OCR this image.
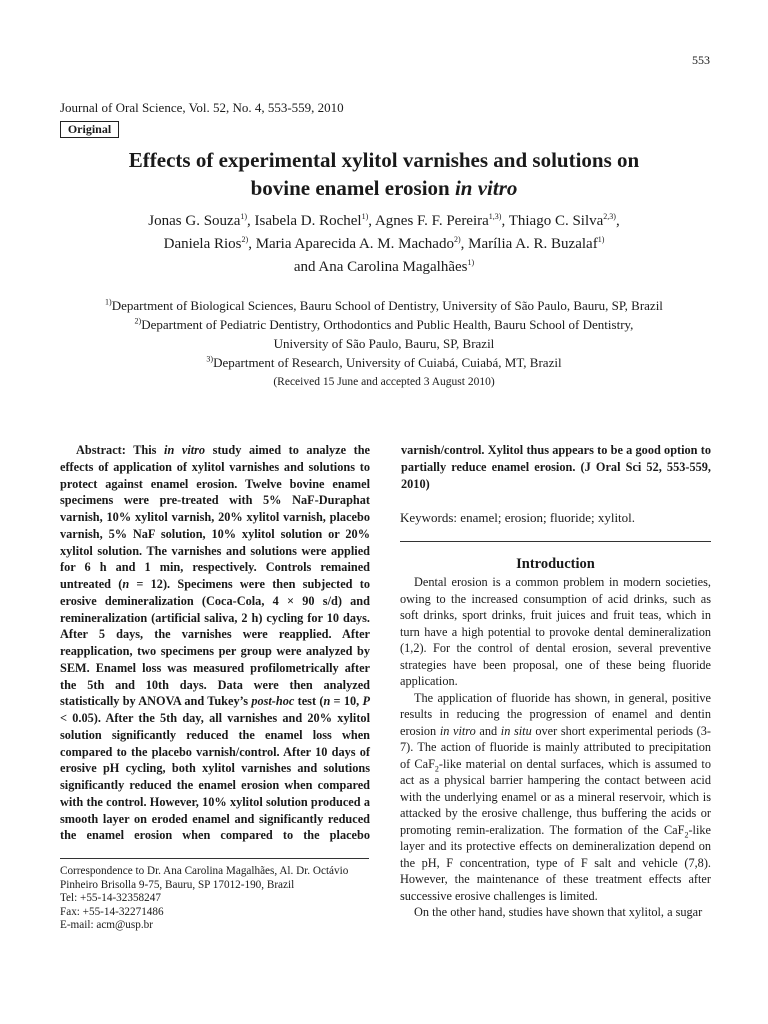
553
Journal of Oral Science, Vol. 52, No. 4, 553-559, 2010
Original
Effects of experimental xylitol varnishes and solutions on
bovine enamel erosion in vitro
Jonas G. Souza$^{1)}$, Isabela D. Rochel$^{1)}$, Agnes F. F. Pereira$^{1,3)}$, Thiago C. Silva$^{2,3)}$,
Daniela Rios$^{2)}$, Maria Aparecida A. M. Machado$^{2)}$, Marília A. R. Buzalaf$^{1)}$
and Ana Carolina Magalhães$^{1)}$
$^{1)}$Department of Biological Sciences, Bauru School of Dentistry, University of São Paulo, Bauru, SP, Brazil
$^{2)}$Department of Pediatric Dentistry, Orthodontics and Public Health, Bauru School of Dentistry,
University of São Paulo, Bauru, SP, Brazil
$^{3)}$Department of Research, University of Cuiabá, Cuiabá, MT, Brazil
(Received 15 June and accepted 3 August 2010)

Abstract: This in vitro study aimed to analyze the effects of application of xylitol varnishes and solutions to protect against enamel erosion. Twelve bovine enamel specimens were pre-treated with 5% NaF-Duraphat varnish, 10% xylitol varnish, 20% xylitol varnish, placebo varnish, 5% NaF solution, 10% xylitol solution or 20% xylitol solution. The varnishes and solutions were applied for 6 h and 1 min, respectively. Controls remained untreated (n = 12). Specimens were then subjected to erosive demineralization (Coca-Cola, 4 × 90 s/d) and remineralization (artificial saliva, 2 h) cycling for 10 days. After 5 days, the varnishes were reapplied. After reapplication, two specimens per group were analyzed by SEM. Enamel loss was measured profilometrically after the 5th and 10th days. Data were then analyzed statistically by ANOVA and Tukey’s post-hoc test (n = 10, P < 0.05). After the 5th day, all varnishes and 20% xylitol solution significantly reduced the enamel loss when compared to the placebo varnish/control. After 10 days of erosive pH cycling, both xylitol varnishes and solutions significantly reduced the enamel erosion when compared with the control. However, 10% xylitol solution produced a smooth layer on eroded enamel and significantly reduced the enamel erosion when compared to the placebo varnish/control. Xylitol thus appears to be a good option to partially reduce enamel erosion. (J Oral Sci 52, 553-559, 2010)

Keywords: enamel; erosion; fluoride; xylitol.
Introduction

Dental erosion is a common problem in modern societies, owing to the increased consumption of acid drinks, such as soft drinks, sport drinks, fruit juices and fruit teas, which in turn have a high potential to provoke dental demineralization (1,2). For the control of dental erosion, several preventive strategies have been proposal, one of these being fluoride application.

The application of fluoride has shown, in general, positive results in reducing the progression of enamel and dentin erosion in vitro and in situ over short experimental periods (3-7). The action of fluoride is mainly attributed to precipitation of CaF$_2$-like material on dental surfaces, which is assumed to act as a physical barrier hampering the contact between acid with the underlying enamel or as a mineral reservoir, which is attacked by the erosive challenge, thus buffering the acids or promoting remin-eralization. The formation of the CaF$_2$-like layer and its protective effects on demineralization depend on the pH, F concentration, type of F salt and vehicle (7,8). However, the maintenance of these treatment effects after successive erosive challenges is limited.

On the other hand, studies have shown that xylitol, a sugar

Correspondence to Dr. Ana Carolina Magalhães, Al. Dr. Octávio
Pinheiro Brisolla 9-75, Bauru, SP 17012-190, Brazil
Tel: +55-14-32358247
Fax: +55-14-32271486
E-mail: acm@usp.br
